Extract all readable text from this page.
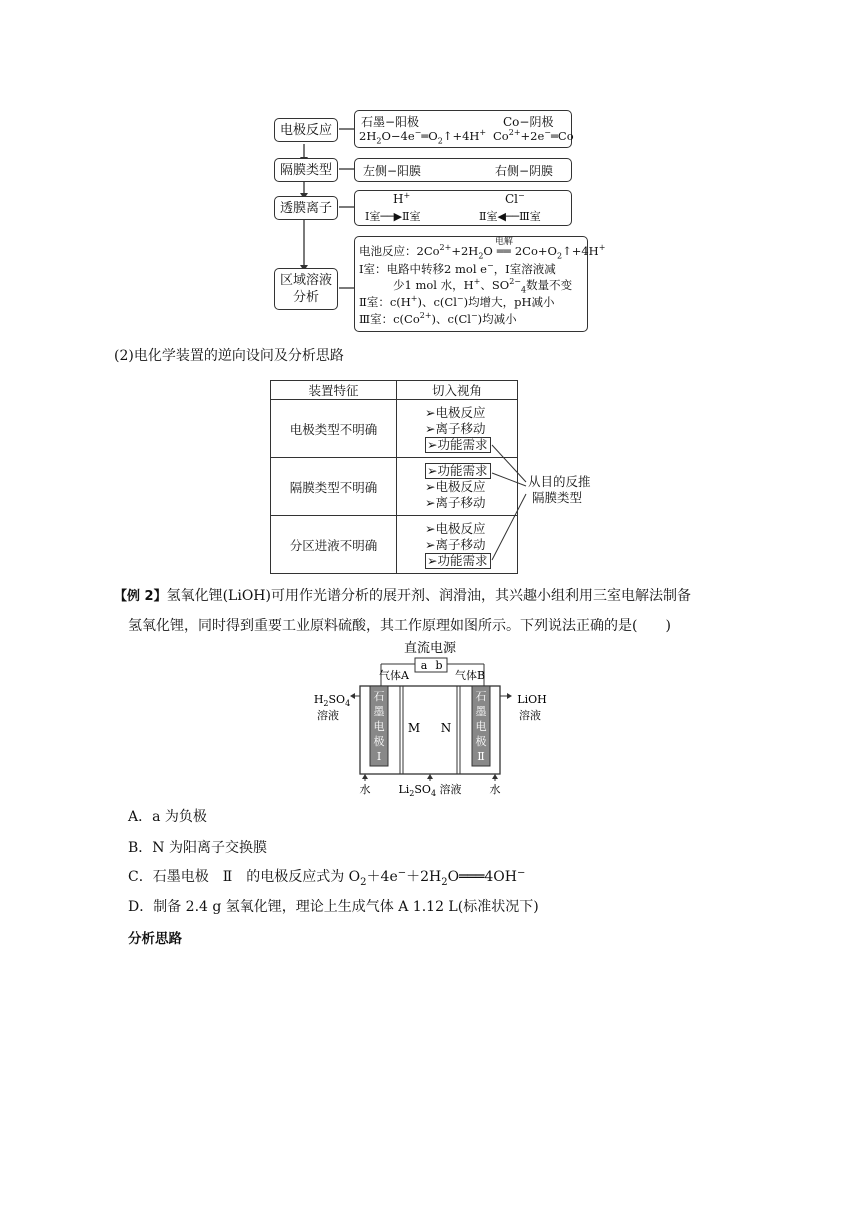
电极反应
隔膜类型
透膜离子
区域溶液
分析
石墨−阳极	Co−阴极
$2H_2O-4e^-═O_2↑+4H^+$ $Co^{2+}+2e^-═Co$
左侧−阳膜	右侧−阴膜
H+
Ⅰ室──▶Ⅱ室
Cl−
Ⅱ室◀──Ⅲ室
电池反应：$2Co^{2+}+2H_2O$
电解
══ $2Co+O_2↑+4H^+$
Ⅰ室：电路中转移2 mol e−，Ⅰ室溶液减
少1 mol 水，H+、$SO^{2-}_4$数量不变
Ⅱ室：c(H+)、c(Cl−)均增大，pH减小
Ⅲ室：$c(Co^{2+})$、c(Cl−)均减小
(2)电化学装置的逆向设问及分析思路
装置特征	切入视角
电极类型不明确	➢电极反应
➢离子移动
➢功能需求

隔膜类型不明确	➢功能需求
➢电极反应
➢离子移动

分区进液不明确	➢电极反应
➢离子移动
➢功能需求
从目的反推
隔膜类型
【例 2】氢氧化锂(LiOH)可用作光谱分析的展开剂、润滑油，其兴趣小组利用三室电解法制备
氢氧化锂，同时得到重要工业原料硫酸，其工作原理如图所示。下列说法正确的是(　　)
直流电源
a b
气体A	气体B
石
墨
电
极
Ⅰ
石
墨
电
极
Ⅱ
M N
$H_2SO_4$
溶液
LiOH
溶液
水	$Li_2SO_4$ 溶液	水
A．a 为负极
B．N 为阳离子交换膜
C．石墨电极　Ⅱ　的电极反应式为 $O_2+4e^-+2H_2O═══4OH^-$
D．制备 2.4 g 氢氧化锂，理论上生成气体 A 1.12 L(标准状况下)
分析思路
